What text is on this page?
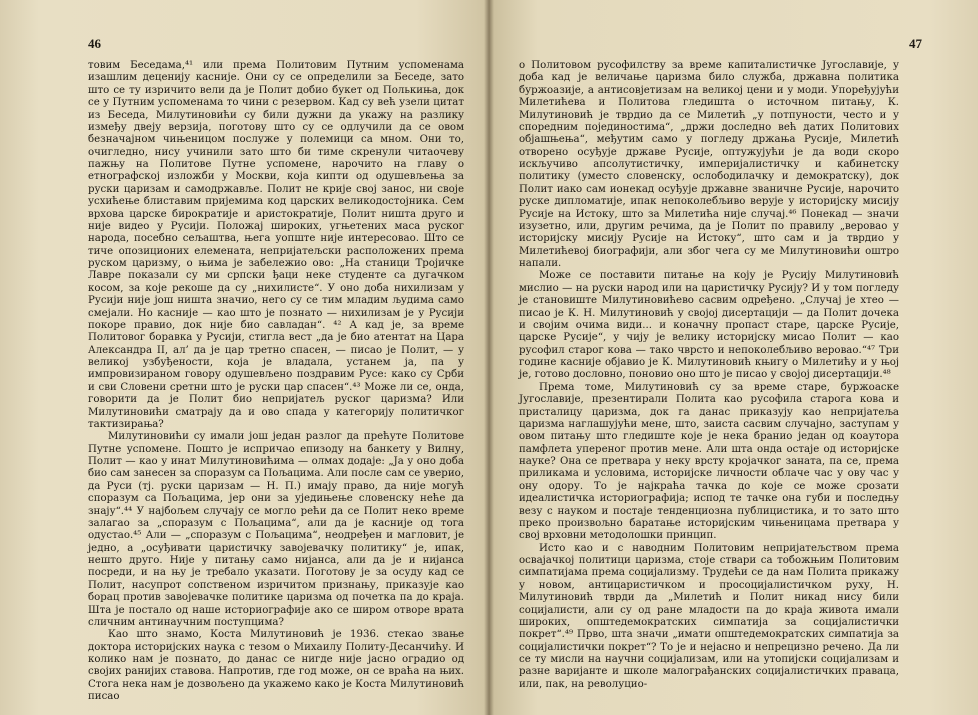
46

товим Беседама,⁴¹ или према Политовим Путним успоменама изашлим деценију касније. Они су се определили за Беседе, зато што се ту изричито вели да је Полит добио букет од Полькиња, док се у Путним успоменама то чини с резервом. Кад су већ узели цитат из Беседа, Милутиновићи су били дужни да укажу на разлику између двеју верзија, поготову што су се одлучили да се овом безначајном чињеницом послуже у полемици са мном. Они то, очигледно, нису учинили зато што би тиме скренули читаочеву пажњу на Политове Путне успомене, нарочито на главу о етнографској изложби у Москви, која кипти од одушевљења за руски царизам и самодржавље. Полит не крије свој занос, ни своје усхићење блиставим пријемима код царских великодостојника. Сем врхова царске бирократије и аристократије, Полит ништа друго и није видео у Русији. Положај широких, угњетених маса руског народа, посебно сељаштва, њега уопште није интересовао. Што се тиче опозиционих елемената, непријатељски расположених према руском царизму, о њима је забележио ово: „На станици Тројичке Лавре показали су ми српски ђаци неке студенте са дугачком косом, за које рекоше да су „нихилисте“. У оно доба нихилизам у Русији није још ништа значио, него су се тим младим људима само смејали. Но касније — као што је познато — нихилизам је у Русији покоре правио, док није био савладан“. ⁴² А кад је, за време Политовог боравка у Русији, стигла вест „да је био атентат на Цара Александра II, ал’ да је цар третно спасен, — писао је Полит, — у великој узбуђености, која је владала, устанем ја, па у импровизираном говору одушевљено поздравим Русе: како су Срби и сви Словени сретни што је руски цар спасен“.⁴³ Може ли се, онда, говорити да је Полит био непријатељ руског царизма? Или Милутиновићи сматрају да и ово спада у категорију политичког тактизирања?

Милутиновићи су имали још један разлог да прећуте Политове Путне успомене. Пошто је испричао епизоду на банкету у Вилну, Полит — као у инат Милутиновићима — олмах додаје: „Ја у оно доба био сам занесен за споразум са Пољацима. Али после сам се уверио, да Руси (тј. руски царизам — Н. П.) имају право, да није могућ споразум са Пољацима, јер они за уједињење словенску нећe да знају“.⁴⁴ У најбољем случају се могло рећи да се Полит неко време залагао за „споразум с Пољацима“, али да је касније од тога одустао.⁴⁵ Али — „споразум с Пољацима“, неодређен и магловит, је једно, а „осуђивати царистичку завојевачку политику“ је, ипак, нешто друго. Није у питању само нијанса, али да је и нијанса посреди, и на њу је требало указати. Поготову је за осуду кад се Полит, насупрот сопственом изричитом признању, приказује као борац против завојевачке политике царизма од почетка па до краја. Шта је постало од наше историографије ако се широм отворе врата сличним антинаучним поступцима?

Као што знамо, Коста Милутиновић је 1936. стекао звање доктора историјских наука с тезом о Михаилу Политу-Десанчићу. И колико нам је познато, до данас се нигде није јасно оградио од својих ранијих ставова. Напротив, где год може, он се враћа на њих. Стога нека нам је дозвољено да укажемо како је Коста Милутиновић писао

47

о Политовом русофилству за време капиталистичке Југославије, у доба кад је величање царизма било служба, државна политика буржоазије, а антисовјетизам на великој цени и у моди. Упоређујући Милетићева и Политова гледишта о источном питању, К. Милутиновић је тврдио да се Милетић „у потпуности, често и у споредним појединостима“, „држи доследно већ датих Политових објашњења“, међутим само у погледу држања Русије, Милетић отворено осуђује државе Русије, оптужујући је да води скоро искључиво апсолутистичку, империјалистичку и кабинетску политику (уместо словенску, ослободилачку и демократску), док Полит иако сам ионекад осуђује државне званичне Русије, нарочито руске дипломатије, ипак непоколебљиво верује у историјску мисију Русије на Истоку, што за Милетића није случај.⁴⁶ Понекад — значи изузетно, или, другим речима, да је Полит по правилу „веровао у историјску мисију Русије на Истоку“, што сам и ја тврдио у Милетићевој биографији, али због чега су ме Милутиновићи оштро напали.

Може се поставити питање на коју је Русију Милутиновић мислио — на руски народ или на царистичку Русију? И у том погледу је становиште Милутиновићево сасвим одређено. „Случај је хтео — писао је К. Н. Милутиновић у својој дисертацији — да Полит дочека и својим очима види... и коначну пропаст старе, царске Русије, царске Русије“, у чију је велику историјску мисао Полит — као русофил старог кова — тако чврсто и непоколебљиво веровао.“⁴⁷ Три године касније објавио је К. Милутиновић књигу о Милетићу и у њој је, готово дословно, поновио оно што је писао у својој дисертацији.⁴⁸

Према томе, Милутиновић су за време старе, буржоаске Југославије, презентирали Полита као русофила старога кова и присталицу царизма, док га данас приказују као непријатеља царизма наглашујући мене, што, заиста сасвим случајно, заступам у овом питању што гледиште које је нека бранио један од коаутора памфлета упереног против мене. Али шта онда остаје од историјске науке? Она се претвара у неку врсту кројачког заната, па се, према приликама и условима, историјске личности облаче час у ову час у ону одору. То је најкраћа тачка до које се може срозати идеалистичка историографија; испод те тачке она губи и последњу везу с науком и постаје тенденциозна публицистика, и то зато што преко произвољно баратање историјским чињеницама претвара у свој врховни методолошки принцип.

Исто као и с наводним Политовим непријатељством према освајачкој политици царизма, стоје ствари са тобожњим Политовим симпатијама према социјализму. Трудећи се да нам Полита прикажу у новом, антицаристичком и просоцијалистичком руху, Н. Милутиновић тврди да „Милетић и Полит никад нису били социјалисти, али су од ране младости па до краја живота имали широких, општедемократских симпатија за социјалистички покрет“.⁴⁹ Прво, шта значи „имати општедемократских симпатија за социјалистички покрет“? То је и нејасно и непрецизно речено. Да ли се ту мисли на научни социјализам, или на утопијски социјализам и разне варијанте и школе малограђанских социјалистичких праваца, или, пак, на револуцио-
